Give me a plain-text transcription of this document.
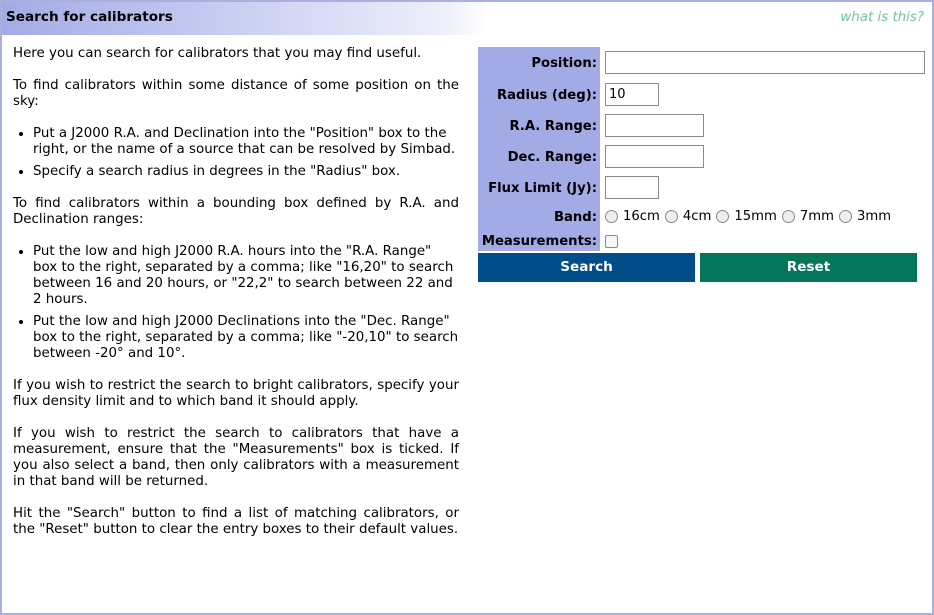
Search for calibrators	what is this?

Here you can search for calibrators that you may find useful.

To find calibrators within some distance of some position on the sky:

• Put a J2000 R.A. and Declination into the "Position" box to the right, or the name of a source that can be resolved by Simbad.
• Specify a search radius in degrees in the "Radius" box.

To find calibrators within a bounding box defined by R.A. and Declination ranges:

• Put the low and high J2000 R.A. hours into the "R.A. Range" box to the right, separated by a comma; like "16,20" to search between 16 and 20 hours, or "22,2" to search between 22 and 2 hours.
• Put the low and high J2000 Declinations into the "Dec. Range" box to the right, separated by a comma; like "-20,10" to search between -20° and 10°.

If you wish to restrict the search to bright calibrators, specify your flux density limit and to which band it should apply.

If you wish to restrict the search to calibrators that have a measurement, ensure that the "Measurements" box is ticked. If you also select a band, then only calibrators with a measurement in that band will be returned.

Hit the "Search" button to find a list of matching calibrators, or the "Reset" button to clear the entry boxes to their default values.

Position:
Radius (deg):
10
R.A. Range:
Dec. Range:
Flux Limit (Jy):
Band: 16cm 4cm 15mm 7mm 3mm
Measurements:
Search	Reset
